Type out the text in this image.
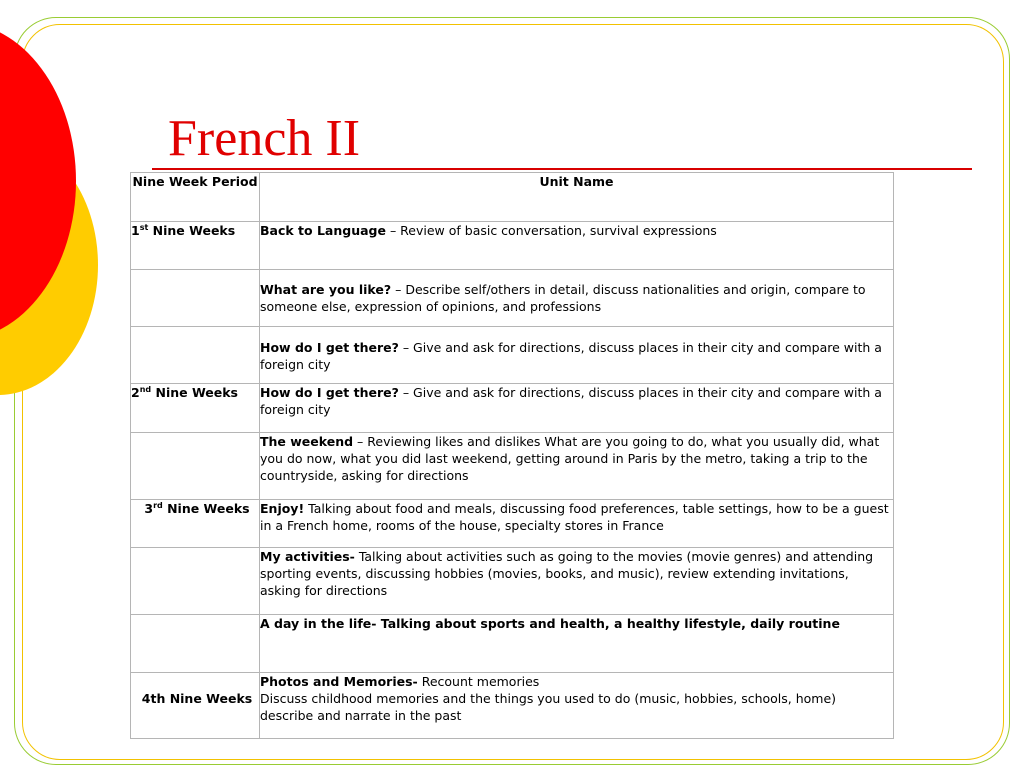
French II
Nine Week Period	Unit Name
1st Nine Weeks	Back to Language – Review of basic conversation, survival expressions
	What are you like? – Describe self/others in detail, discuss nationalities and origin, compare to someone else, expression of opinions, and professions
	How do I get there? – Give and ask for directions, discuss places in their city and compare with a foreign city
2nd Nine Weeks	How do I get there? – Give and ask for directions, discuss places in their city and compare with a foreign city
	The weekend – Reviewing likes and dislikes What are you going to do, what you usually did, what you do now, what you did last weekend, getting around in Paris by the metro, taking a trip to the countryside, asking for directions
3rd Nine Weeks	Enjoy! Talking about food and meals, discussing food preferences, table settings, how to be a guest in a French home, rooms of the house, specialty stores in France
	My activities- Talking about activities such as going to the movies (movie genres) and attending sporting events, discussing hobbies (movies, books, and music), review extending invitations, asking for directions
	A day in the life- Talking about sports and health, a healthy lifestyle, daily routine
4th Nine Weeks	Photos and Memories- Recount memories
Discuss childhood memories and the things you used to do (music, hobbies, schools, home) describe and narrate in the past
